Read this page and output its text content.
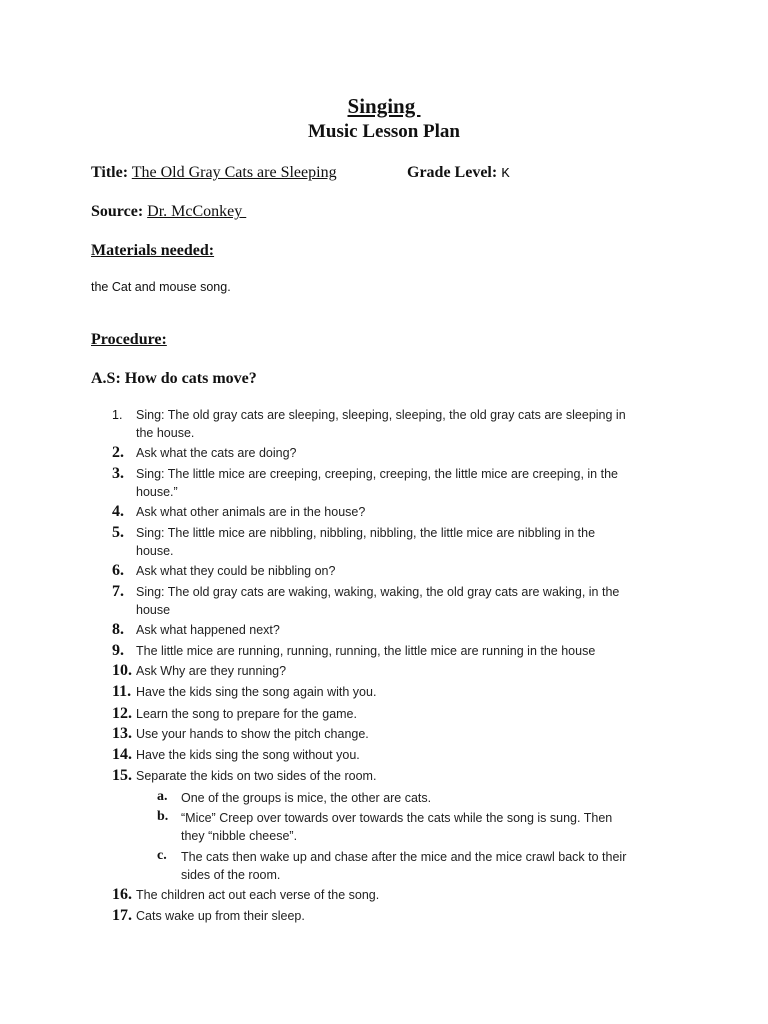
Singing
Music Lesson Plan
Title: The Old Gray Cats are Sleeping	Grade Level: K
Source: Dr. McConkey
Materials needed:
the Cat and mouse song.
Procedure:
A.S: How do cats move?
1. Sing: The old gray cats are sleeping, sleeping, sleeping, the old gray cats are sleeping in
the house.
2. Ask what the cats are doing?
3. Sing: The little mice are creeping, creeping, creeping, the little mice are creeping, in the
house.”
4. Ask what other animals are in the house?
5. Sing: The little mice are nibbling, nibbling, nibbling, the little mice are nibbling in the
house.
6. Ask what they could be nibbling on?
7. Sing: The old gray cats are waking, waking, waking, the old gray cats are waking, in the
house
8. Ask what happened next?
9. The little mice are running, running, running, the little mice are running in the house
10. Ask Why are they running?
11. Have the kids sing the song again with you.
12. Learn the song to prepare for the game.
13. Use your hands to show the pitch change.
14. Have the kids sing the song without you.
15. Separate the kids on two sides of the room.
16. The children act out each verse of the song.
17. Cats wake up from their sleep.
a. One of the groups is mice, the other are cats.
b. “Mice” Creep over towards over towards the cats while the song is sung. Then
they “nibble cheese”.
c. The cats then wake up and chase after the mice and the mice crawl back to their
sides of the room.
